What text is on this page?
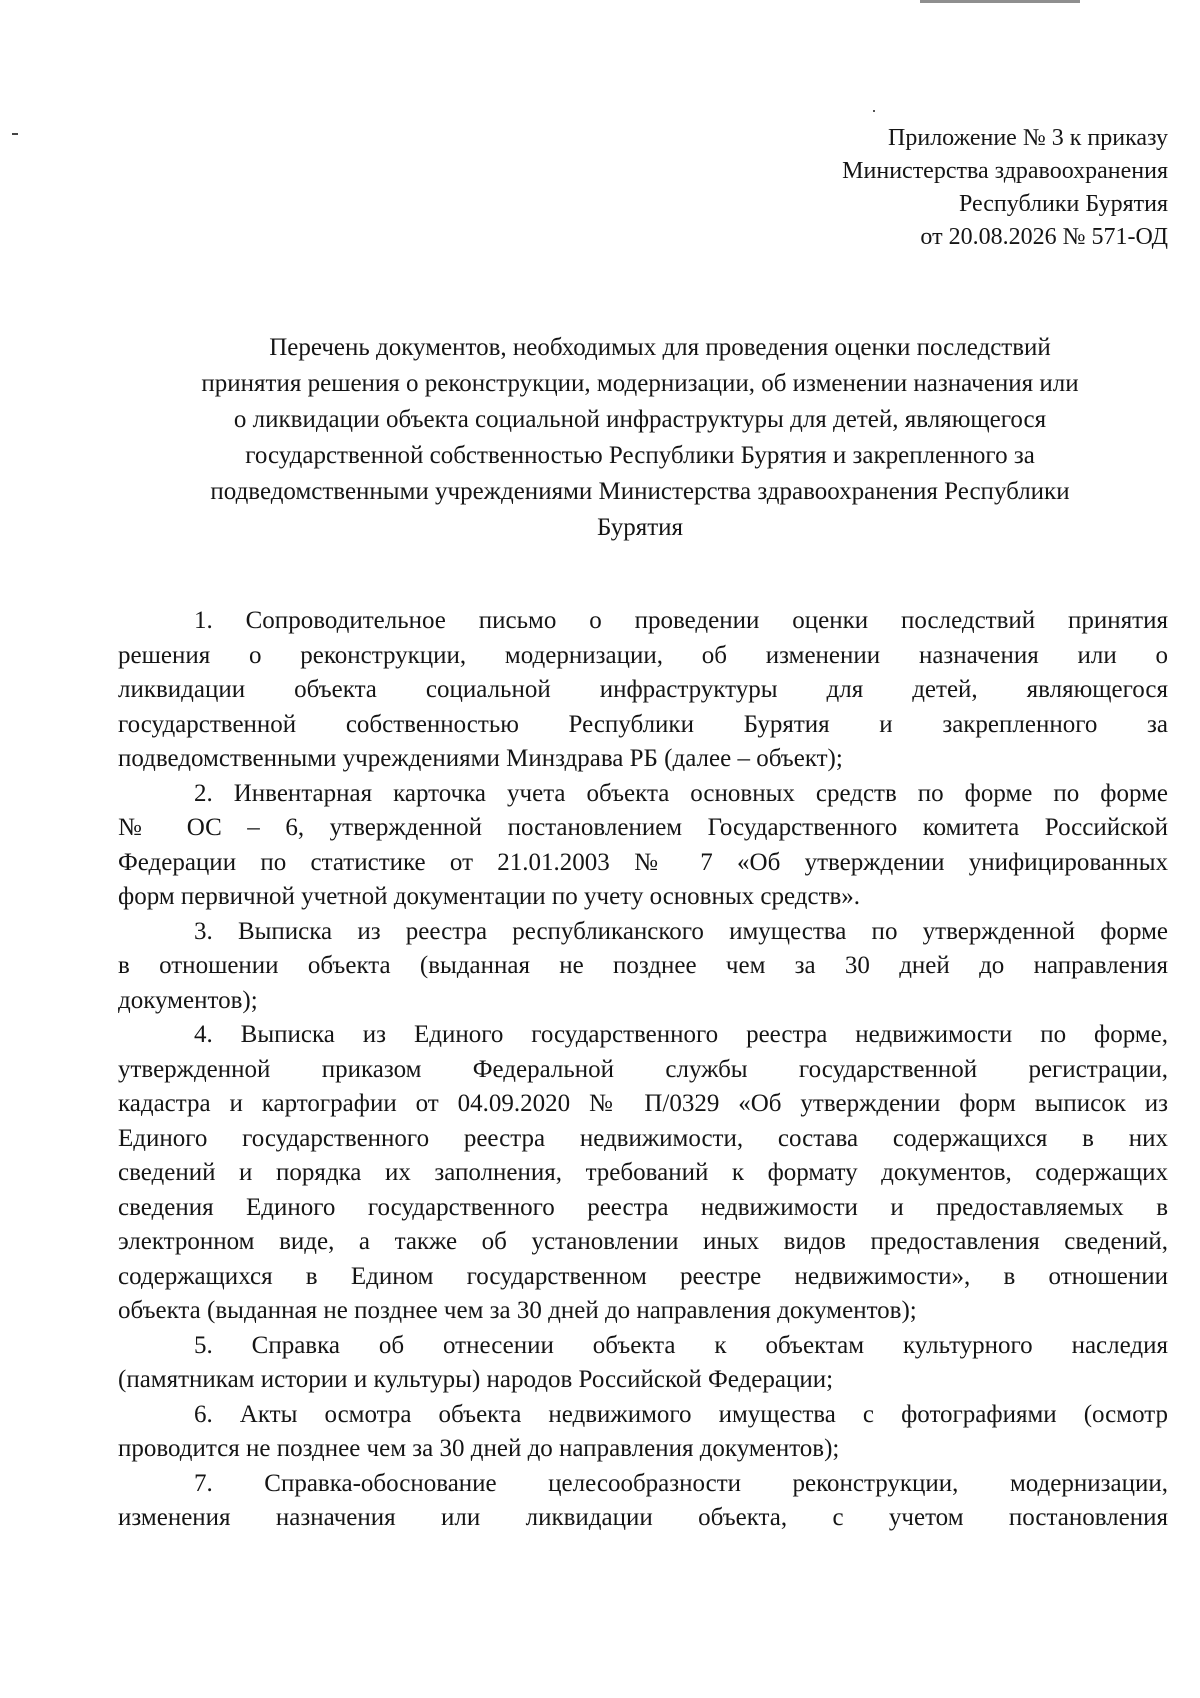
Приложение № 3 к приказу
Министерства здравоохранения
Республики Бурятия
от 20.08.2026 № 571-ОД
Перечень документов, необходимых для проведения оценки последствий
принятия решения о реконструкции, модернизации, об изменении назначения или
о ликвидации объекта социальной инфраструктуры для детей, являющегося
государственной собственностью Республики Бурятия и закрепленного за
подведомственными учреждениями Министерства здравоохранения Республики
Бурятия
1. Сопроводительное письмо о проведении оценки последствий принятия
решения о реконструкции, модернизации, об изменении назначения или о
ликвидации объекта социальной инфраструктуры для детей, являющегося
государственной собственностью Республики Бурятия и закрепленного за
подведомственными учреждениями Минздрава РБ (далее – объект);
2. Инвентарная карточка учета объекта основных средств по форме по форме
№ ОС – 6, утвержденной постановлением Государственного комитета Российской
Федерации по статистике от 21.01.2003 № 7 «Об утверждении унифицированных
форм первичной учетной документации по учету основных средств».
3. Выписка из реестра республиканского имущества по утвержденной форме
в отношении объекта (выданная не позднее чем за 30 дней до направления
документов);
4. Выписка из Единого государственного реестра недвижимости по форме,
утвержденной приказом Федеральной службы государственной регистрации,
кадастра и картографии от 04.09.2020 № П/0329 «Об утверждении форм выписок из
Единого государственного реестра недвижимости, состава содержащихся в них
сведений и порядка их заполнения, требований к формату документов, содержащих
сведения Единого государственного реестра недвижимости и предоставляемых в
электронном виде, а также об установлении иных видов предоставления сведений,
содержащихся в Едином государственном реестре недвижимости», в отношении
объекта (выданная не позднее чем за 30 дней до направления документов);
5. Справка об отнесении объекта к объектам культурного наследия
(памятникам истории и культуры) народов Российской Федерации;
6. Акты осмотра объекта недвижимого имущества с фотографиями (осмотр
проводится не позднее чем за 30 дней до направления документов);
7. Справка-обоснование целесообразности реконструкции, модернизации,
изменения назначения или ликвидации объекта, с учетом постановления
